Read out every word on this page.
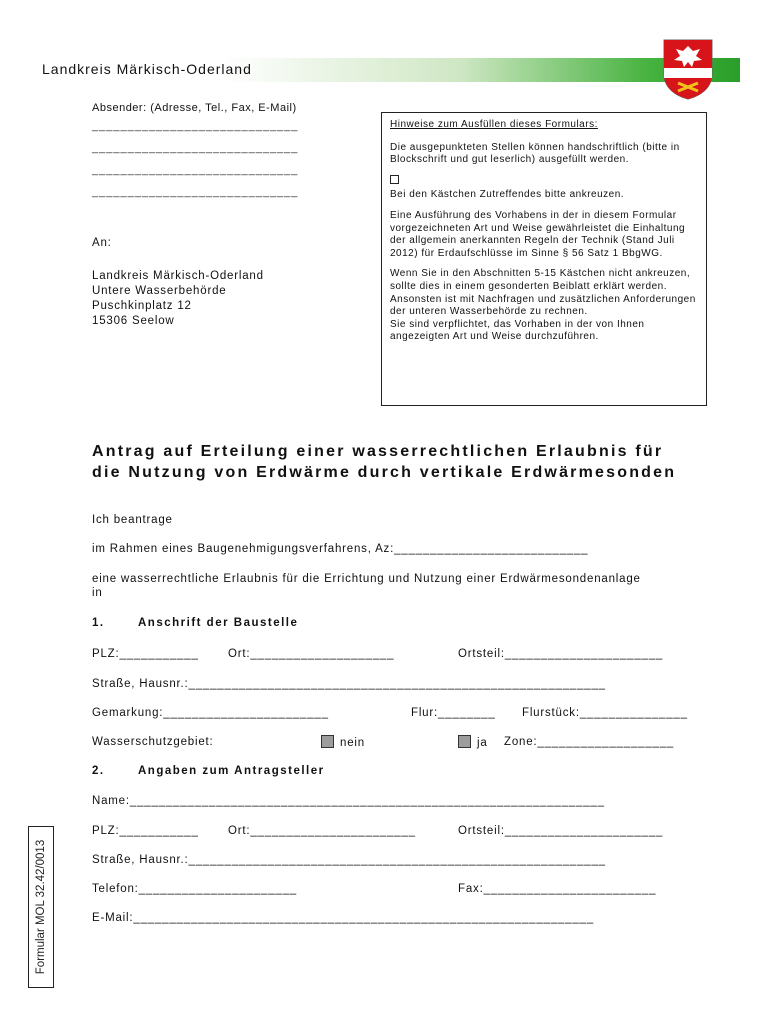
Landkreis Märkisch-Oderland
Absender: (Adresse, Tel., Fax, E-Mail)
_____________________________
_____________________________
_____________________________
_____________________________
An:
Landkreis Märkisch-Oderland
Untere Wasserbehörde
Puschkinplatz 12
15306 Seelow

Hinweise zum Ausfüllen dieses Formulars:

Die ausgepunkteten Stellen können handschriftlich (bitte in Blockschrift und gut leserlich) ausgefüllt werden.

Bei den Kästchen Zutreffendes bitte ankreuzen.

Eine Ausführung des Vorhabens in der in diesem Formular vorgezeichneten Art und Weise gewährleistet die Einhaltung der allgemein anerkannten Regeln der Technik (Stand Juli 2012) für Erdaufschlüsse im Sinne § 56 Satz 1 BbgWG.

Wenn Sie in den Abschnitten 5-15 Kästchen nicht ankreuzen, sollte dies in einem gesonderten Beiblatt erklärt werden. Ansonsten ist mit Nachfragen und zusätzlichen Anforderungen der unteren Wasserbehörde zu rechnen.

Sie sind verpflichtet, das Vorhaben in der von Ihnen angezeigten Art und Weise durchzuführen.

Antrag auf Erteilung einer wasserrechtlichen Erlaubnis für
die Nutzung von Erdwärme durch vertikale Erdwärmesonden
Ich beantrage
im Rahmen eines Baugenehmigungsverfahrens, Az:___________________________
eine wasserrechtliche Erlaubnis für die Errichtung und Nutzung einer Erdwärmesondenanlage
in
1.	Anschrift der Baustelle
PLZ:___________	Ort:____________________	Ortsteil:______________________
Straße, Hausnr.:__________________________________________________________
Gemarkung:_______________________	Flur:________ Flurstück:_______________
Wasserschutzgebiet:	nein	ja Zone:___________________
2.	Angaben zum Antragsteller
Name:__________________________________________________________________
PLZ:___________	Ort:_______________________	Ortsteil:______________________
Straße, Hausnr.:__________________________________________________________
Telefon:______________________	Fax:________________________
E-Mail:________________________________________________________________
Formular MOL 32.42/0013
